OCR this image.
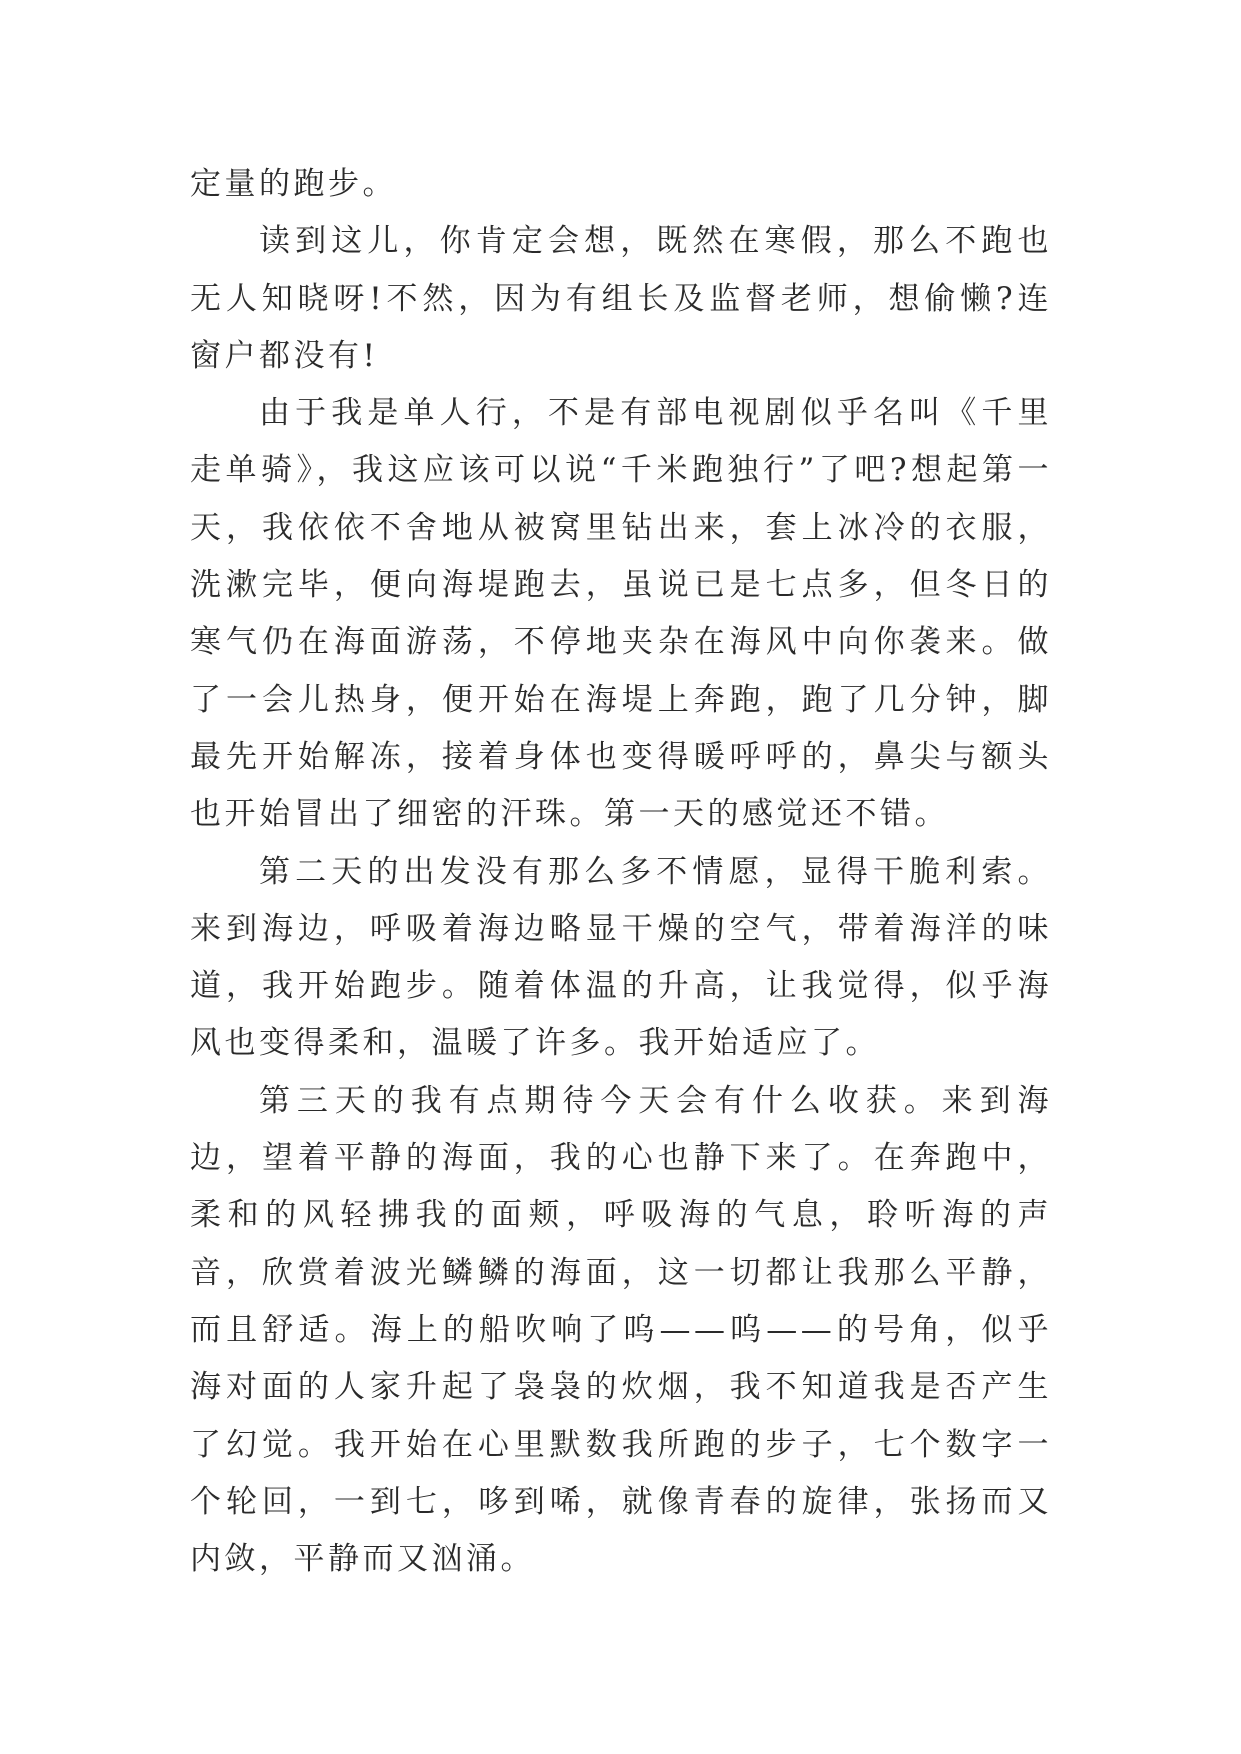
定量的跑步。

读到这儿，你肯定会想，既然在寒假，那么不跑也无人知晓呀!不然，因为有组长及监督老师，想偷懒?连窗户都没有!

由于我是单人行，不是有部电视剧似乎名叫《千里走单骑》，我这应该可以说“千米跑独行”了吧?想起第一天，我依依不舍地从被窝里钻出来，套上冰冷的衣服，洗漱完毕，便向海堤跑去，虽说已是七点多，但冬日的寒气仍在海面游荡，不停地夹杂在海风中向你袭来。做了一会儿热身，便开始在海堤上奔跑，跑了几分钟，脚最先开始解冻，接着身体也变得暖呼呼的，鼻尖与额头也开始冒出了细密的汗珠。第一天的感觉还不错。

第二天的出发没有那么多不情愿，显得干脆利索。来到海边，呼吸着海边略显干燥的空气，带着海洋的味道，我开始跑步。随着体温的升高，让我觉得，似乎海风也变得柔和，温暖了许多。我开始适应了。

第三天的我有点期待今天会有什么收获。来到海边，望着平静的海面，我的心也静下来了。在奔跑中，柔和的风轻拂我的面颊，呼吸海的气息，聆听海的声音，欣赏着波光鳞鳞的海面，这一切都让我那么平静，而且舒适。海上的船吹响了呜——呜——的号角，似乎海对面的人家升起了袅袅的炊烟，我不知道我是否产生了幻觉。我开始在心里默数我所跑的步子，七个数字一个轮回，一到七，哆到唏，就像青春的旋律，张扬而又内敛，平静而又汹涌。
